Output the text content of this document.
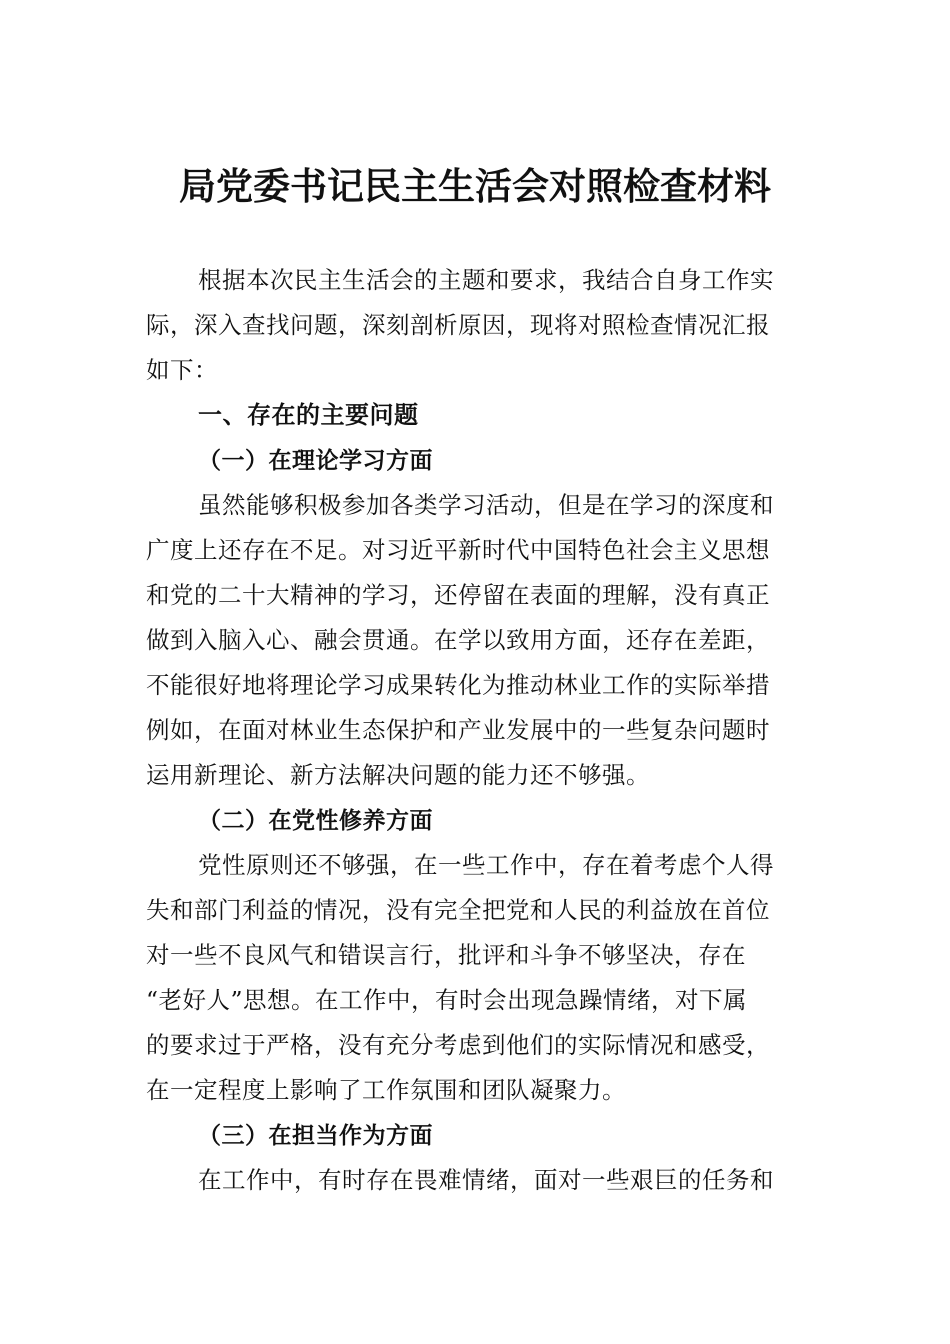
局党委书记民主生活会对照检查材料

根据本次民主生活会的主题和要求，我结合自身工作实
际，深入查找问题，深刻剖析原因，现将对照检查情况汇报
如下：

一、存在的主要问题
（一）在理论学习方面

虽然能够积极参加各类学习活动，但是在学习的深度和
广度上还存在不足。对习近平新时代中国特色社会主义思想
和党的二十大精神的学习，还停留在表面的理解，没有真正
做到入脑入心、融会贯通。在学以致用方面，还存在差距，
不能很好地将理论学习成果转化为推动林业工作的实际举措
例如，在面对林业生态保护和产业发展中的一些复杂问题时
运用新理论、新方法解决问题的能力还不够强。

（二）在党性修养方面

党性原则还不够强，在一些工作中，存在着考虑个人得
失和部门利益的情况，没有完全把党和人民的利益放在首位
对一些不良风气和错误言行，批评和斗争不够坚决，存在
“老好人”思想。在工作中，有时会出现急躁情绪，对下属
的要求过于严格，没有充分考虑到他们的实际情况和感受，
在一定程度上影响了工作氛围和团队凝聚力。

（三）在担当作为方面

在工作中，有时存在畏难情绪，面对一些艰巨的任务和
